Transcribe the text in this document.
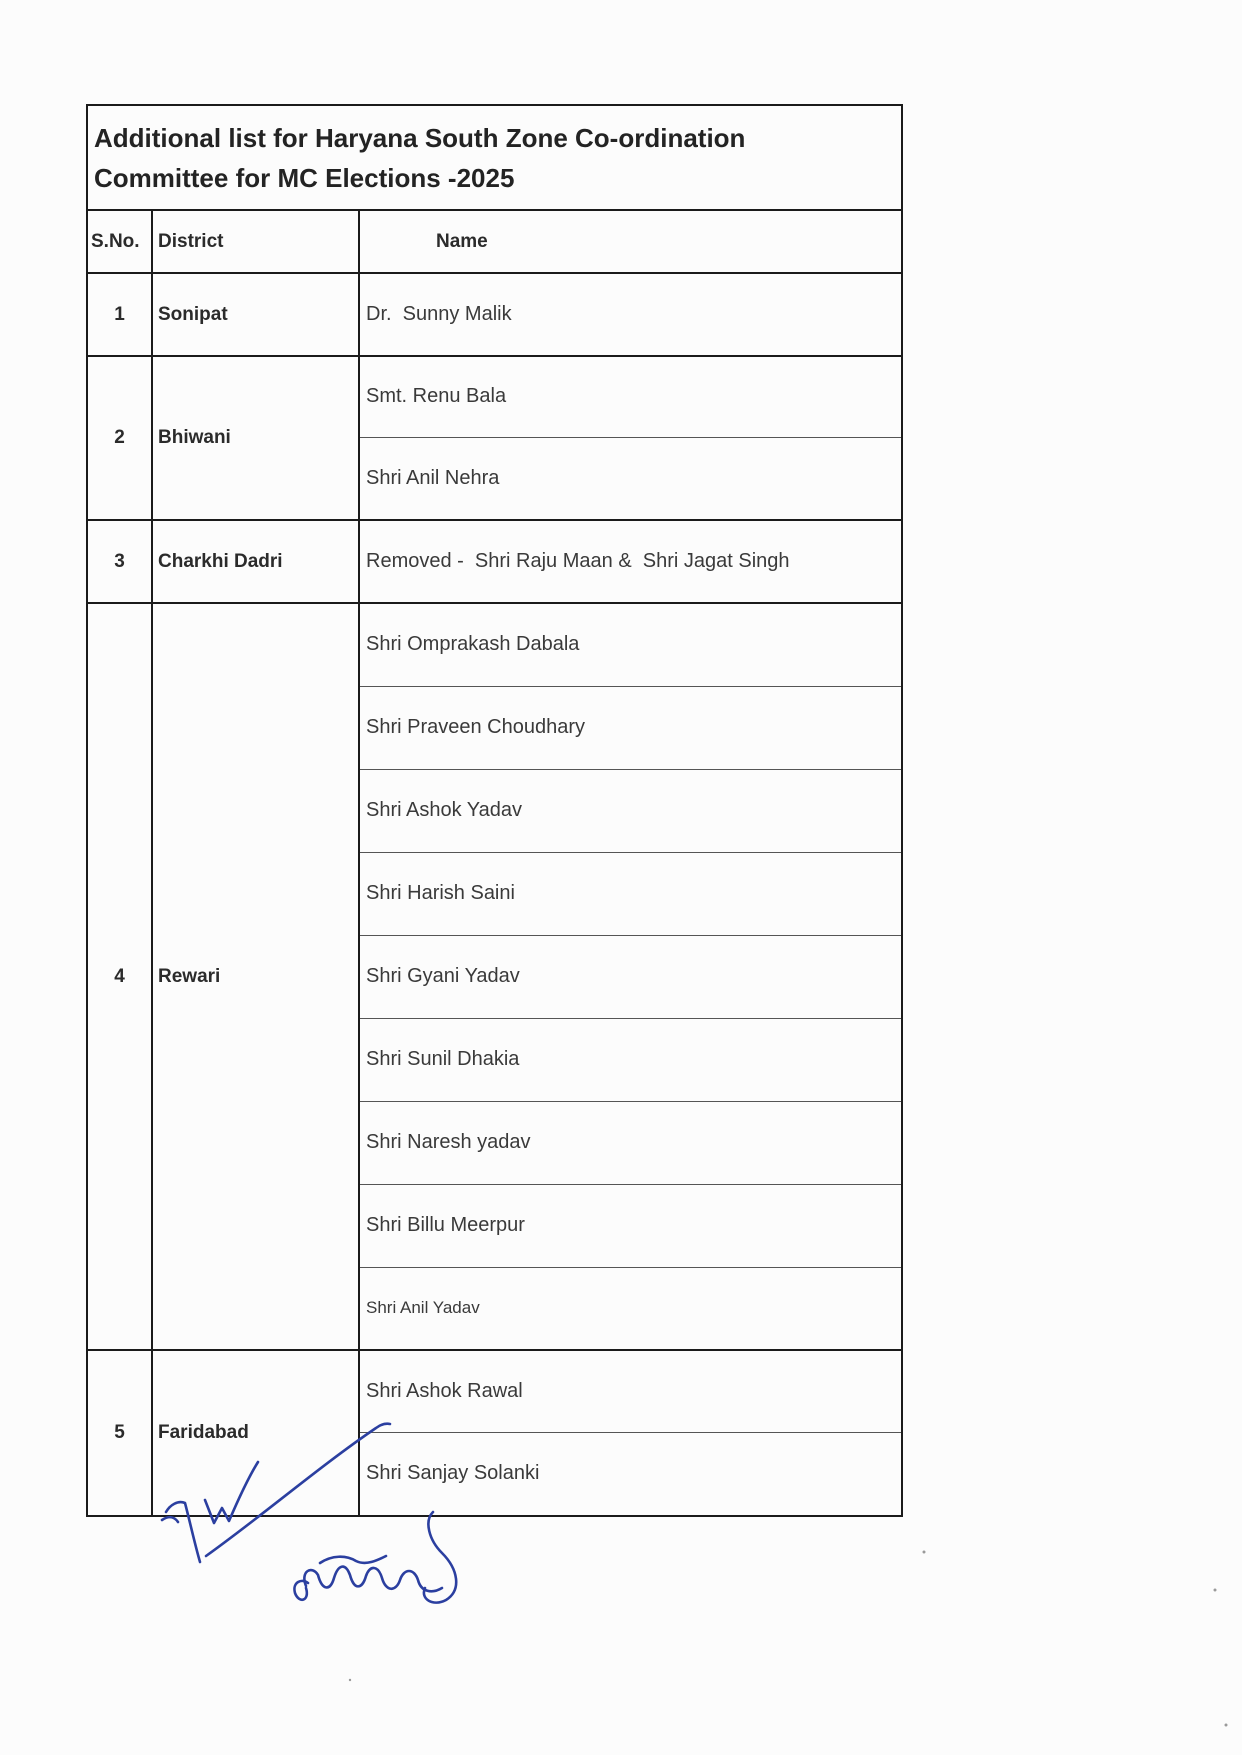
Additional list for Haryana South Zone Co-ordination
Committee for MC Elections -2025		

S.No.	District	Name
1	Sonipat	Dr.  Sunny Malik
2	Bhiwani	Smt. Renu Bala
		Shri Anil Nehra
3	Charkhi Dadri	Removed -  Shri Raju Maan &  Shri Jagat Singh
4	Rewari	Shri Omprakash Dabala
		Shri Praveen Choudhary
		Shri Ashok Yadav
		Shri Harish Saini
		Shri Gyani Yadav
		Shri Sunil Dhakia
		Shri Naresh yadav
		Shri Billu Meerpur
		Shri Anil Yadav
5	Faridabad	Shri Ashok Rawal
		Shri Sanjay Solanki
